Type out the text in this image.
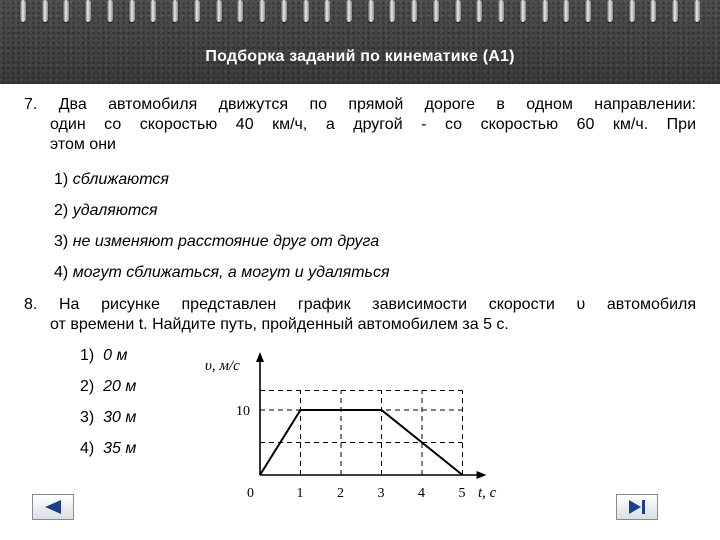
Подборка заданий по кинематике (А1)
7. Два автомобиля движутся по прямой дороге в одном направлении:
один со скоростью 40 км/ч, а другой - со скоростью 60 км/ч. При
этом они
1) сближаются
2) удаляются
3) не изменяют расстояние друг от друга
4) могут сближаться, а могут и удаляться
8. На рисунке представлен график зависимости скорости υ автомобиля
от времени t. Найдите путь, пройденный автомобилем за 5 с.
1) 0 м
2) 20 м
3) 30 м
4) 35 м
0	1 2 3 4 5
10
υ, м/с
t, c
